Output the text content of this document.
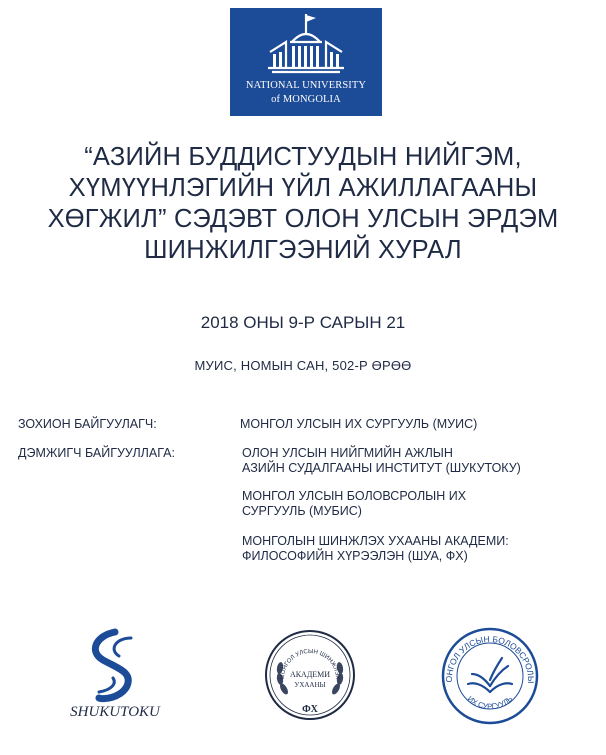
NATIONAL UNIVERSITY
of MONGOLIA
“АЗИЙН БУДДИСТУУДЫН НИЙГЭМ,
ХҮМҮҮНЛЭГИЙН ҮЙЛ АЖИЛЛАГААНЫ
ХӨГЖИЛ” СЭДЭВТ ОЛОН УЛСЫН ЭРДЭМ
ШИНЖИЛГЭЭНИЙ ХУРАЛ
2018 ОНЫ 9-Р САРЫН 21
МУИС, НОМЫН САН, 502-Р ӨРӨӨ
ЗОХИОН БАЙГУУЛАГЧ:	МОНГОЛ УЛСЫН ИХ СУРГУУЛЬ (МУИС)
ДЭМЖИГЧ БАЙГУУЛЛАГА:	ОЛОН УЛСЫН НИЙГМИЙН АЖЛЫН
АЗИЙН СУДАЛГААНЫ ИНСТИТУТ (ШУКУТОКУ)
МОНГОЛ УЛСЫН БОЛОВСРОЛЫН ИХ
СУРГУУЛЬ (МУБИС)
МОНГОЛЫН ШИНЖЛЭХ УХААНЫ АКАДЕМИ:
ФИЛОСОФИЙН ХҮРЭЭЛЭН (ШУА, ФХ)
SHUKUTOKU
МОНГОЛ УЛСЫН ШИНЖЛЭХ
АКАДЕМИ
УХААНЫ
ФХ
ОНГОЛ УЛСЫН БОЛОВСРОЛЫ
ИХ СУРГУУЛЬ
